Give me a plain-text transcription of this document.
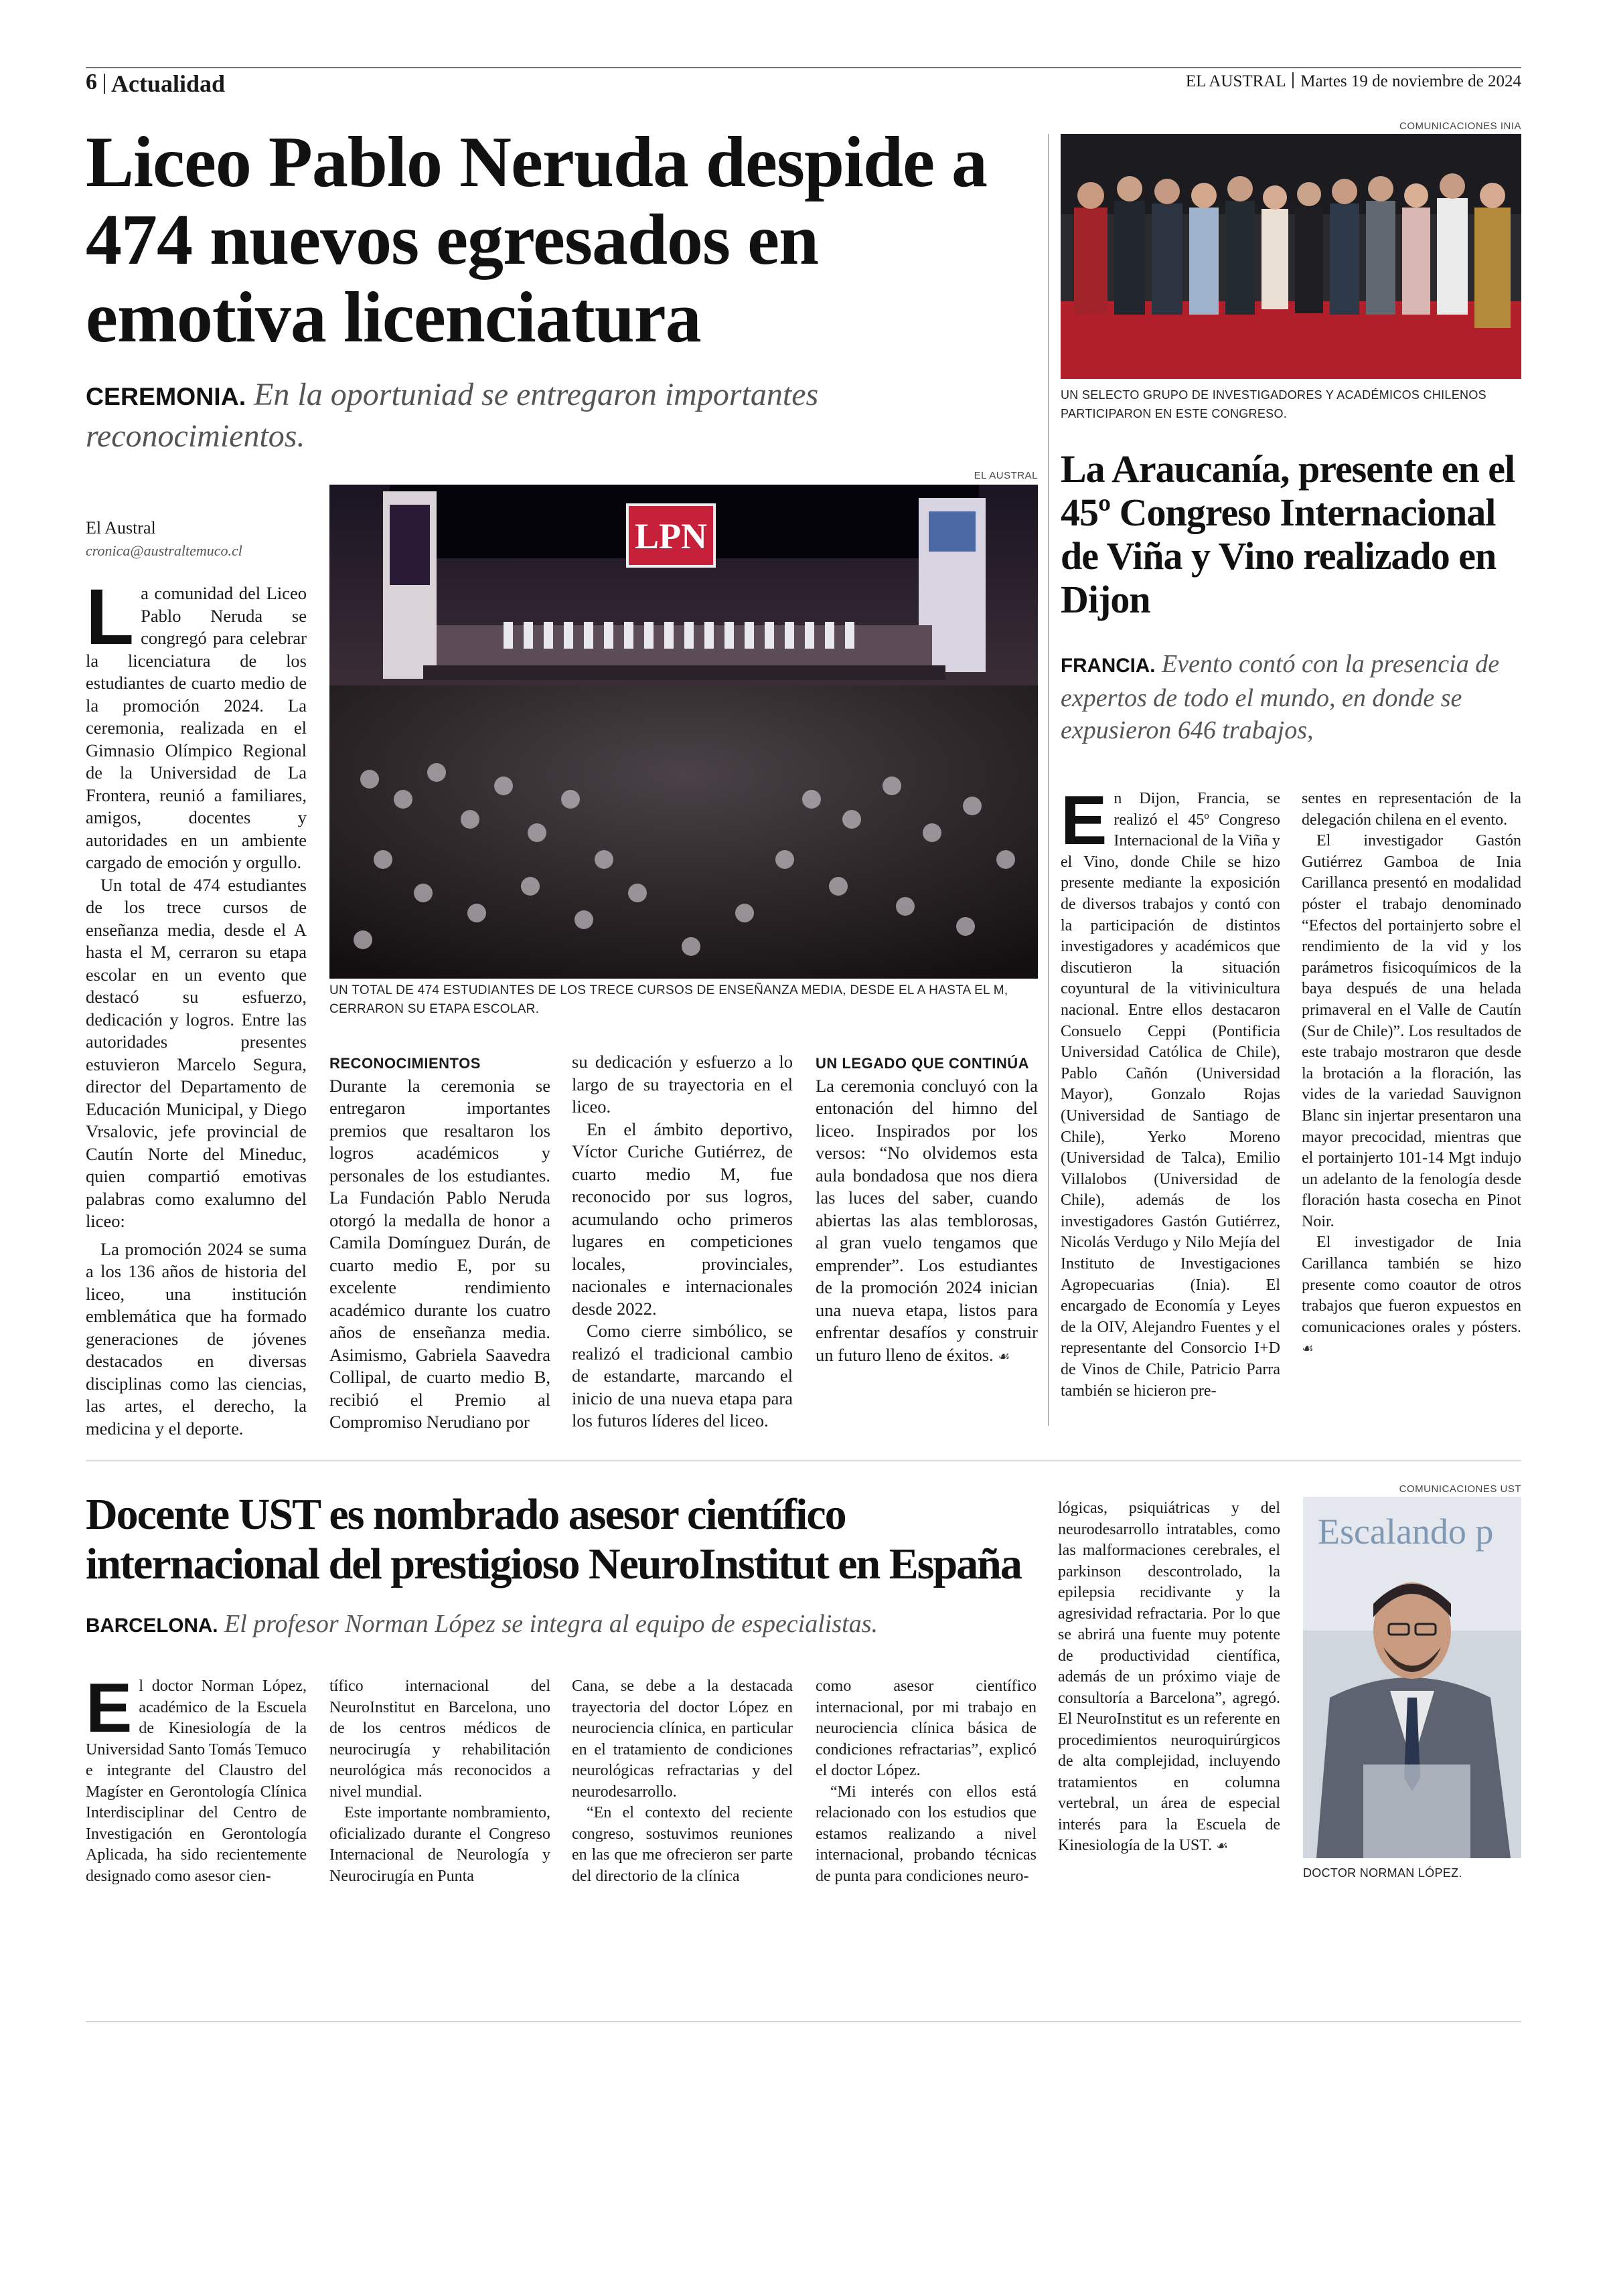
6 Actualidad	EL AUSTRAL Martes 19 de noviembre de 2024
Liceo Pablo Neruda despide a 474 nuevos egresados en emotiva licenciatura
CEREMONIA. En la oportuniad se entregaron importantes reconocimientos.
El Austral
cronica@australtemuco.cl
EL AUSTRAL
LPN
UN TOTAL DE 474 ESTUDIANTES DE LOS TRECE CURSOS DE ENSEÑANZA MEDIA, DESDE EL A HASTA EL M, CERRARON SU ETAPA ESCOLAR.

La comunidad del Liceo Pablo Neruda se congregó para celebrar la licenciatura de los estudiantes de cuarto medio de la promoción 2024. La ceremonia, realizada en el Gimnasio Olímpico Regional de la Universidad de La Frontera, reunió a familiares, amigos, docentes y autoridades en un ambiente cargado de emoción y orgullo.

Un total de 474 estudiantes de los trece cursos de enseñanza media, desde el A hasta el M, cerraron su etapa escolar en un evento que destacó su esfuerzo, dedicación y logros. Entre las autoridades presentes estuvieron Marcelo Segura, director del Departamento de Educación Municipal, y Diego Vrsalovic, jefe provincial de Cautín Norte del Mineduc, quien compartió emotivas palabras como exalumno del liceo:

La promoción 2024 se suma a los 136 años de historia del liceo, una institución emblemática que ha formado generaciones de jóvenes destacados en diversas disciplinas como las ciencias, las artes, el derecho, la medicina y el deporte.

RECONOCIMIENTOS

Durante la ceremonia se entregaron importantes premios que resaltaron los logros académicos y personales de los estudiantes. La Fundación Pablo Neruda otorgó la medalla de honor a Camila Domínguez Durán, de cuarto medio E, por su excelente rendimiento académico durante los cuatro años de enseñanza media. Asimismo, Gabriela Saavedra Collipal, de cuarto medio B, recibió el Premio al Compromiso Nerudiano por

su dedicación y esfuerzo a lo largo de su trayectoria en el liceo.

En el ámbito deportivo, Víctor Curiche Gutiérrez, de cuarto medio M, fue reconocido por sus logros, acumulando ocho primeros lugares en competiciones locales, provinciales, nacionales e internacionales desde 2022.

Como cierre simbólico, se realizó el tradicional cambio de estandarte, marcando el inicio de una nueva etapa para los futuros líderes del liceo.

UN LEGADO QUE CONTINÚA

La ceremonia concluyó con la entonación del himno del liceo. Inspirados por los versos: “No olvidemos esta aula bondadosa que nos diera las luces del saber, cuando abiertas las alas temblorosas, al gran vuelo tengamos que emprender”. Los estudiantes de la promoción 2024 inician una nueva etapa, listos para enfrentar desafíos y construir un futuro lleno de éxitos. ☙

COMUNICACIONES INIA
UN SELECTO GRUPO DE INVESTIGADORES Y ACADÉMICOS CHILENOS PARTICIPARON EN ESTE CONGRESO.
La Araucanía, presente en el 45º Congreso Internacional de Viña y Vino realizado en Dijon
FRANCIA. Evento contó con la presencia de expertos de todo el mundo, en donde se expusieron 646 trabajos,

En Dijon, Francia, se realizó el 45º Congreso Internacional de la Viña y el Vino, donde Chile se hizo presente mediante la exposición de diversos trabajos y contó con la participación de distintos investigadores y académicos que discutieron la situación coyuntural de la vitivinicultura nacional. Entre ellos destacaron Consuelo Ceppi (Pontificia Universidad Católica de Chile), Pablo Cañón (Universidad Mayor), Gonzalo Rojas (Universidad de Santiago de Chile), Yerko Moreno (Universidad de Talca), Emilio Villalobos (Universidad de Chile), además de los investigadores Gastón Gutiérrez, Nicolás Verdugo y Nilo Mejía del Instituto de Investigaciones Agropecuarias (Inia). El encargado de Economía y Leyes de la OIV, Alejandro Fuentes y el representante del Consorcio I+D de Vinos de Chile, Patricio Parra también se hicieron pre-

sentes en representación de la delegación chilena en el evento.

El investigador Gastón Gutiérrez Gamboa de Inia Carillanca presentó en modalidad póster el trabajo denominado “Efectos del portainjerto sobre el rendimiento de la vid y los parámetros fisicoquímicos de la baya después de una helada primaveral en el Valle de Cautín (Sur de Chile)”. Los resultados de este trabajo mostraron que desde la brotación a la floración, las vides de la variedad Sauvignon Blanc sin injertar presentaron una mayor precocidad, mientras que el portainjerto 101-14 Mgt indujo un adelanto de la fenología desde floración hasta cosecha en Pinot Noir.

El investigador de Inia Carillanca también se hizo presente como coautor de otros trabajos que fueron expuestos en comunicaciones orales y pósters. ☙

Docente UST es nombrado asesor científico internacional del prestigioso NeuroInstitut en España
BARCELONA. El profesor Norman López se integra al equipo de especialistas.

El doctor Norman López, académico de la Escuela de Kinesiología de la Universidad Santo Tomás Temuco e integrante del Claustro del Magíster en Gerontología Clínica Interdisciplinar del Centro de Investigación en Gerontología Aplicada, ha sido recientemente designado como asesor cien-

tífico internacional del NeuroInstitut en Barcelona, uno de los centros médicos de neurocirugía y rehabilitación neurológica más reconocidos a nivel mundial.

Este importante nombramiento, oficializado durante el Congreso Internacional de Neurología y Neurocirugía en Punta

Cana, se debe a la destacada trayectoria del doctor López en neurociencia clínica, en particular en el tratamiento de condiciones neurológicas refractarias y del neurodesarrollo.

“En el contexto del reciente congreso, sostuvimos reuniones en las que me ofrecieron ser parte del directorio de la clínica

como asesor científico internacional, por mi trabajo en neurociencia clínica básica de condiciones refractarias”, explicó el doctor López.

“Mi interés con ellos está relacionado con los estudios que estamos realizando a nivel internacional, probando técnicas de punta para condiciones neuro-

lógicas, psiquiátricas y del neurodesarrollo intratables, como las malformaciones cerebrales, el parkinson descontrolado, la epilepsia recidivante y la agresividad refractaria. Por lo que se abrirá una fuente muy potente de productividad científica, además de un próximo viaje de consultoría a Barcelona”, agregó. El NeuroInstitut es un referente en procedimientos neuroquirúrgicos de alta complejidad, incluyendo tratamientos en columna vertebral, un área de especial interés para la Escuela de Kinesiología de la UST. ☙

COMUNICACIONES UST
Escalando p
DOCTOR NORMAN LÓPEZ.
